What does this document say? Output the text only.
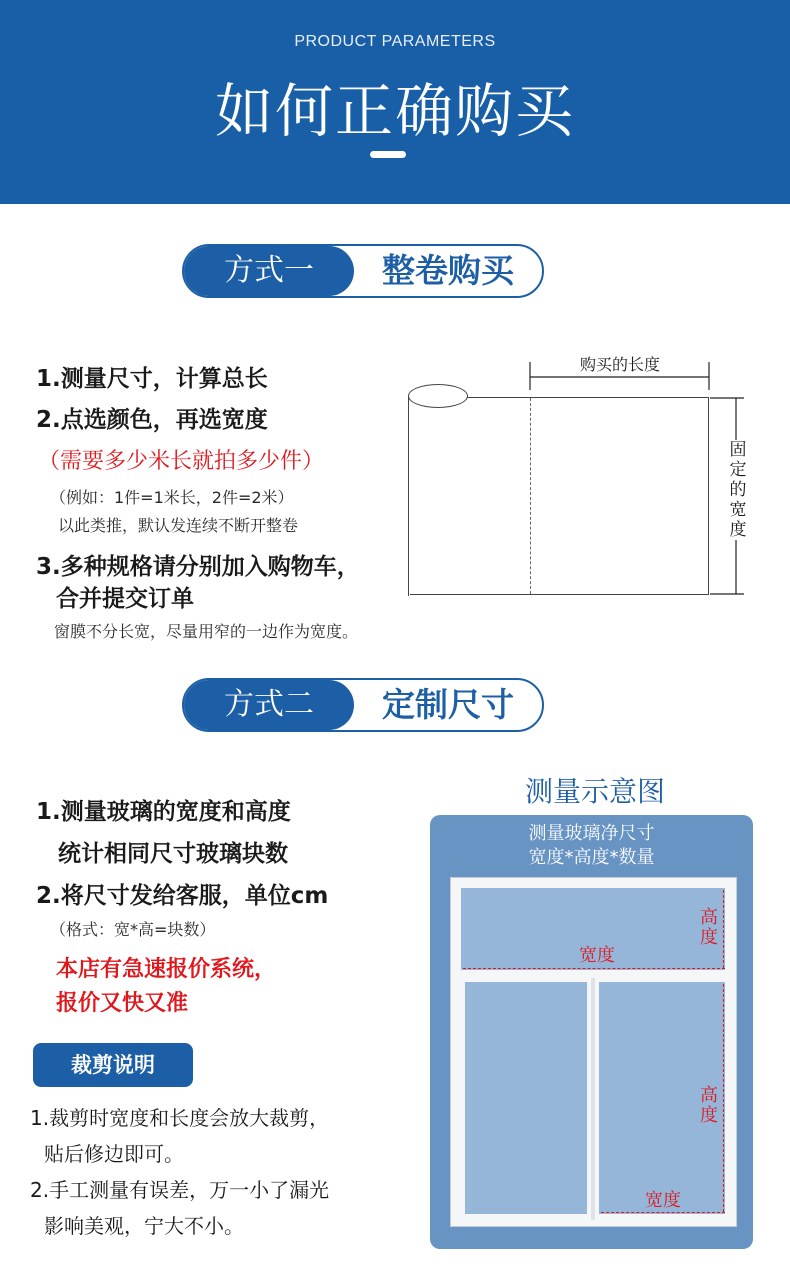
PRODUCT PARAMETERS
如何正确购买
方式一	整卷购买
1.测量尺寸，计算总长
2.点选颜色，再选宽度
（需要多少米长就拍多少件）
（例如：1件=1米长，2件=2米）
以此类推，默认发连续不断开整卷
3.多种规格请分别加入购物车，
合并提交订单
窗膜不分长宽，尽量用窄的一边作为宽度。
购买的长度
固定的宽度
方式二	定制尺寸
1.测量玻璃的宽度和高度
统计相同尺寸玻璃块数
2.将尺寸发给客服，单位cm
（格式：宽*高=块数）
本店有急速报价系统，
报价又快又准
测量示意图
测量玻璃净尺寸
宽度*高度*数量
宽度
高度
宽度
高度
裁剪说明
1.裁剪时宽度和长度会放大裁剪，
贴后修边即可。
2.手工测量有误差，万一小了漏光
影响美观，宁大不小。
